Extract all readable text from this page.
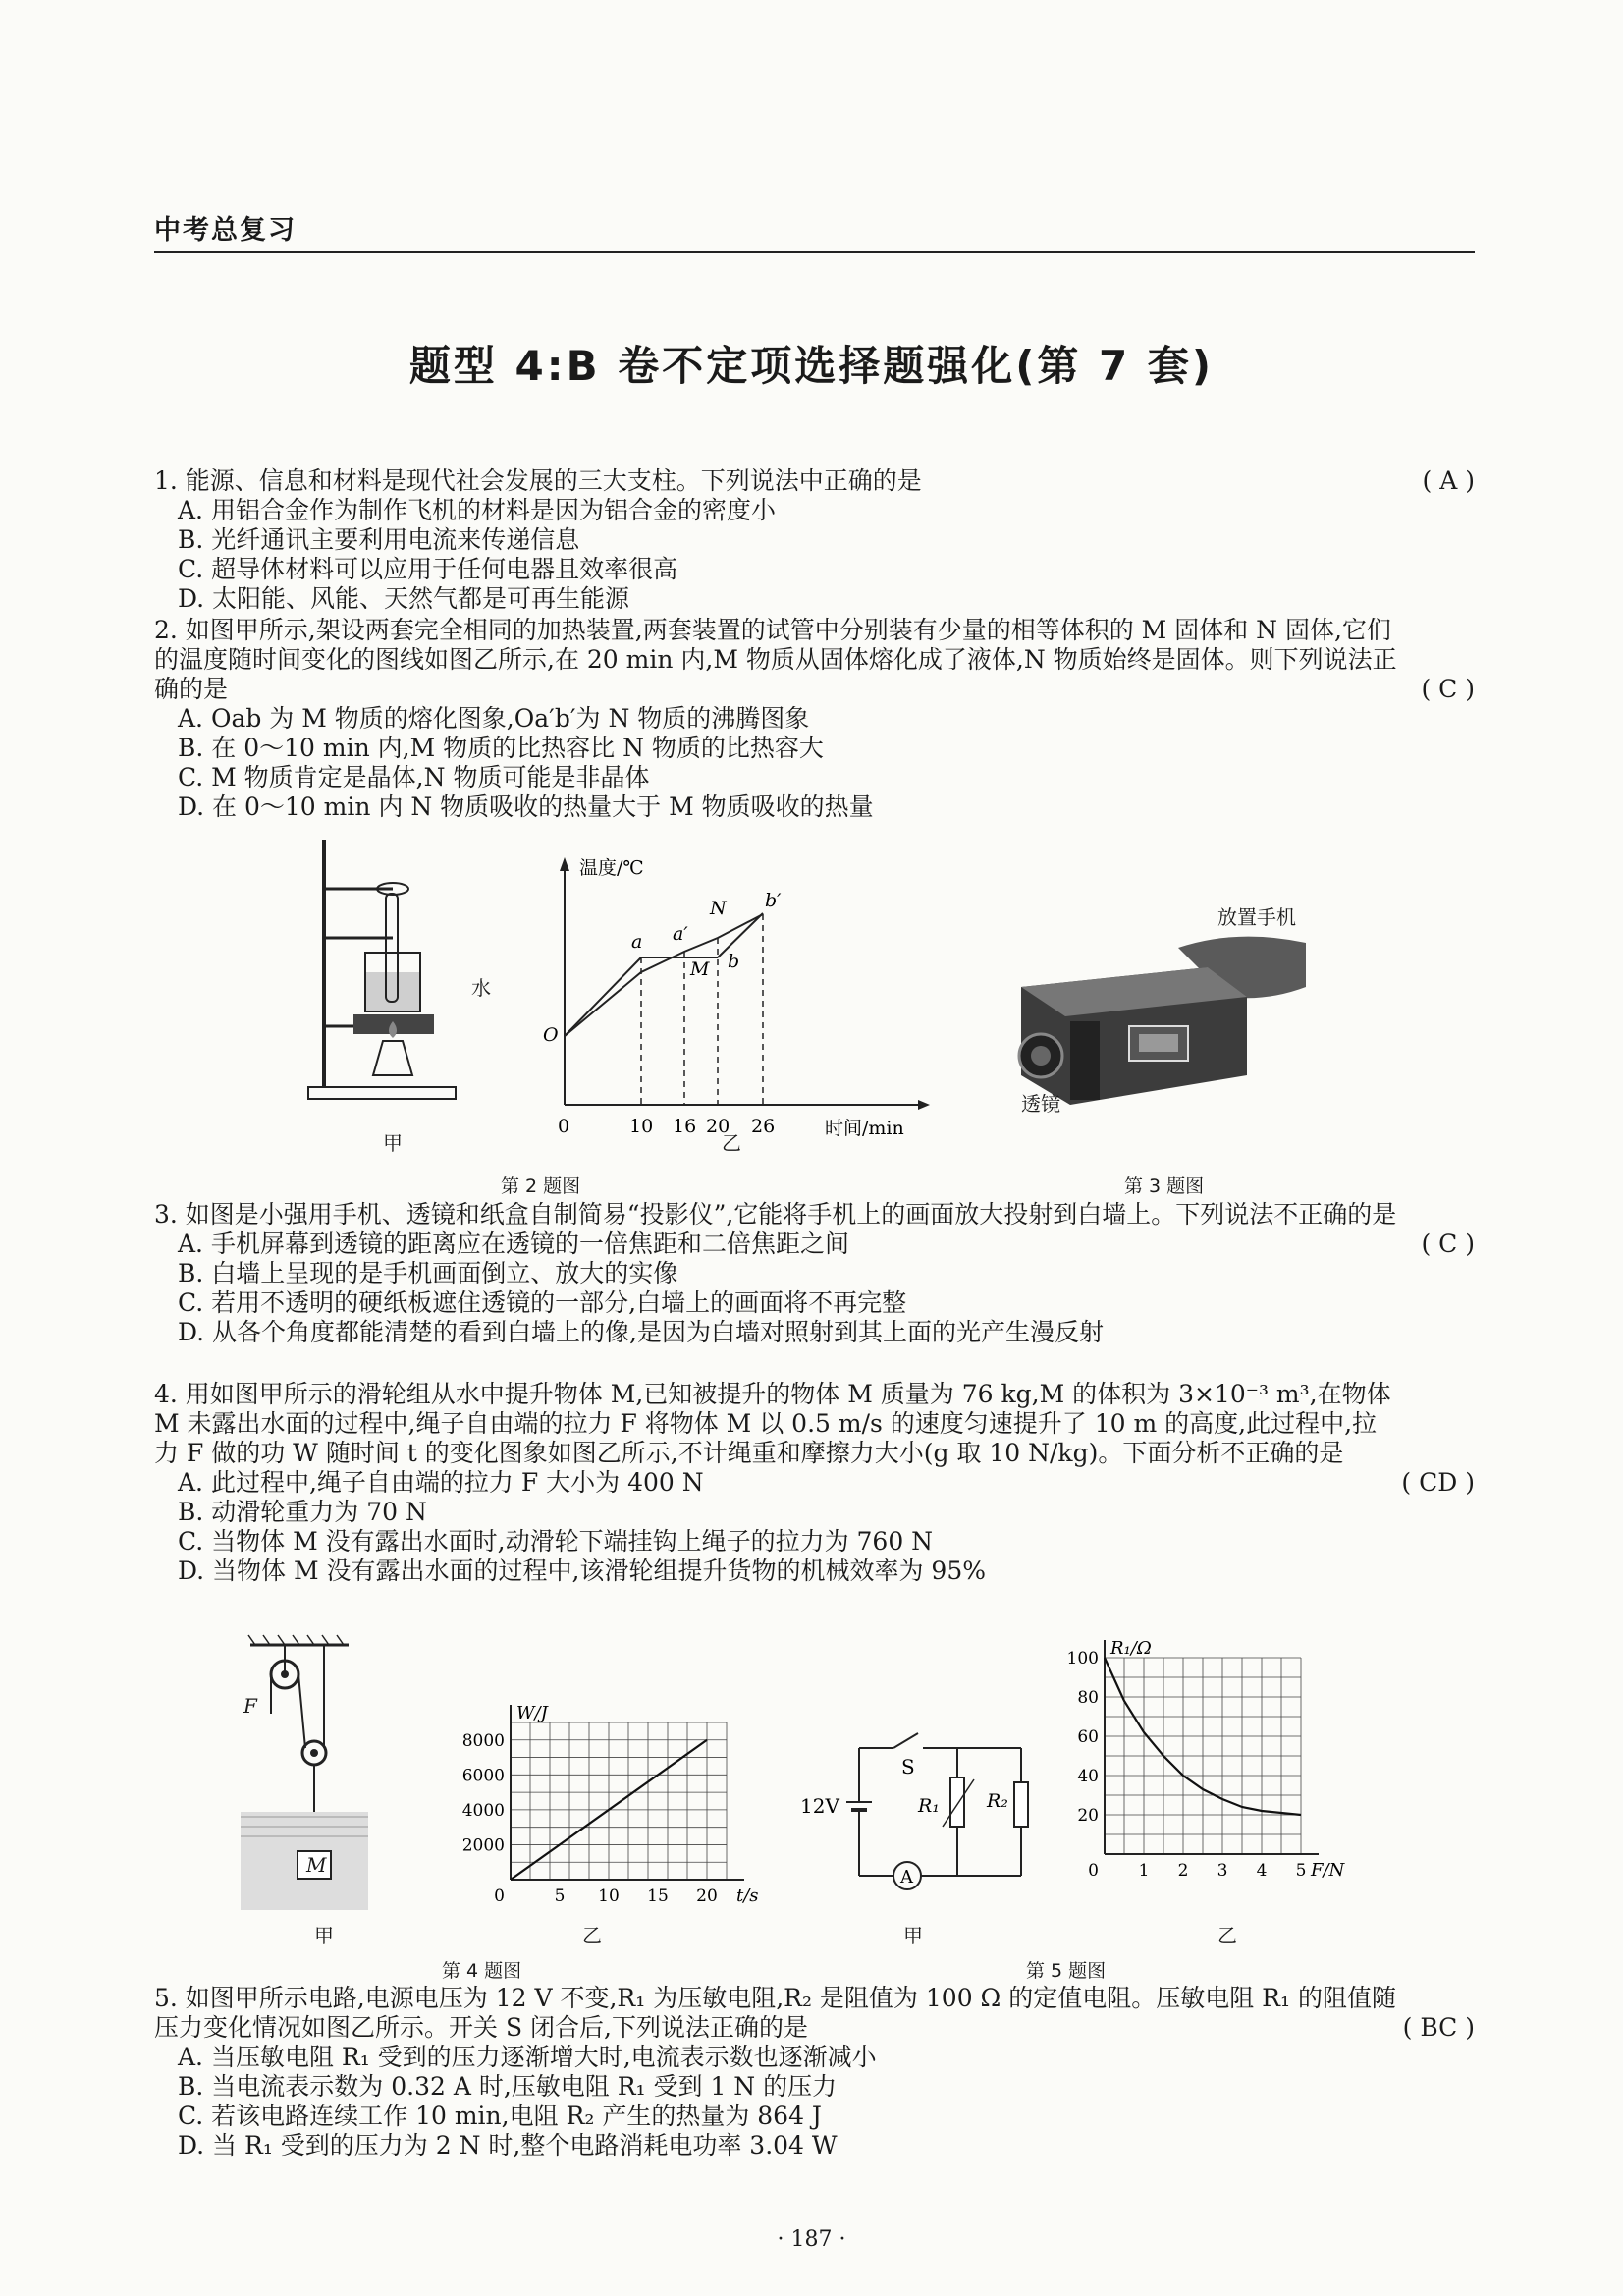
中考总复习
题型 4:B 卷不定项选择题强化(第 7 套)
1. 能源、信息和材料是现代社会发展的三大支柱。下列说法中正确的是	( A )
A. 用铝合金作为制作飞机的材料是因为铝合金的密度小
B. 光纤通讯主要利用电流来传递信息
C. 超导体材料可以应用于任何电器且效率很高
D. 太阳能、风能、天然气都是可再生能源
2. 如图甲所示,架设两套完全相同的加热装置,两套装置的试管中分别装有少量的相等体积的 M 固体和 N 固体,它们的温度随时间变化的图线如图乙所示,在 20 min 内,M 物质从固体熔化成了液体,N 物质始终是固体。则下列说法正确的是	( C )
A. Oab 为 M 物质的熔化图象,Oa′b′为 N 物质的沸腾图象
B. 在 0～10 min 内,M 物质的比热容比 N 物质的比热容大
C. M 物质肯定是晶体,N 物质可能是非晶体
D. 在 0～10 min 内 N 物质吸收的热量大于 M 物质吸收的热量
水
甲
温度/℃
时间/min
O
0	10 16 20 26
a a′
N b′
M b
乙
第 2 题图
放置手机
透镜
第 3 题图
3. 如图是小强用手机、透镜和纸盒自制简易“投影仪”,它能将手机上的画面放大投射到白墙上。下列说法不正确的是
( C )
A. 手机屏幕到透镜的距离应在透镜的一倍焦距和二倍焦距之间
B. 白墙上呈现的是手机画面倒立、放大的实像
C. 若用不透明的硬纸板遮住透镜的一部分,白墙上的画面将不再完整
D. 从各个角度都能清楚的看到白墙上的像,是因为白墙对照射到其上面的光产生漫反射
4. 用如图甲所示的滑轮组从水中提升物体 M,已知被提升的物体 M 质量为 76 kg,M 的体积为 3×10⁻³ m³,在物体 M 未露出水面的过程中,绳子自由端的拉力 F 将物体 M 以 0.5 m/s 的速度匀速提升了 10 m 的高度,此过程中,拉力 F 做的功 W 随时间 t 的变化图象如图乙所示,不计绳重和摩擦力大小(g 取 10 N/kg)。下面分析不正确的是
( CD )
A. 此过程中,绳子自由端的拉力 F 大小为 400 N
B. 动滑轮重力为 70 N
C. 当物体 M 没有露出水面时,动滑轮下端挂钩上绳子的拉力为 760 N
D. 当物体 M 没有露出水面的过程中,该滑轮组提升货物的机械效率为 95%
F
M
甲
5 10 15 20
2000
4000
6000
8000
0
W/J
t/s
乙
第 4 题图
12V
S
R₁	R₂
A
甲
1 2 3 4 5
20
40
60
80
100
0
R₁/Ω
F/N
乙
第 5 题图
5. 如图甲所示电路,电源电压为 12 V 不变,R₁ 为压敏电阻,R₂ 是阻值为 100 Ω 的定值电阻。压敏电阻 R₁ 的阻值随压力变化情况如图乙所示。开关 S 闭合后,下列说法正确的是	( BC )
A. 当压敏电阻 R₁ 受到的压力逐渐增大时,电流表示数也逐渐减小
B. 当电流表示数为 0.32 A 时,压敏电阻 R₁ 受到 1 N 的压力
C. 若该电路连续工作 10 min,电阻 R₂ 产生的热量为 864 J
D. 当 R₁ 受到的压力为 2 N 时,整个电路消耗电功率 3.04 W
· 187 ·
